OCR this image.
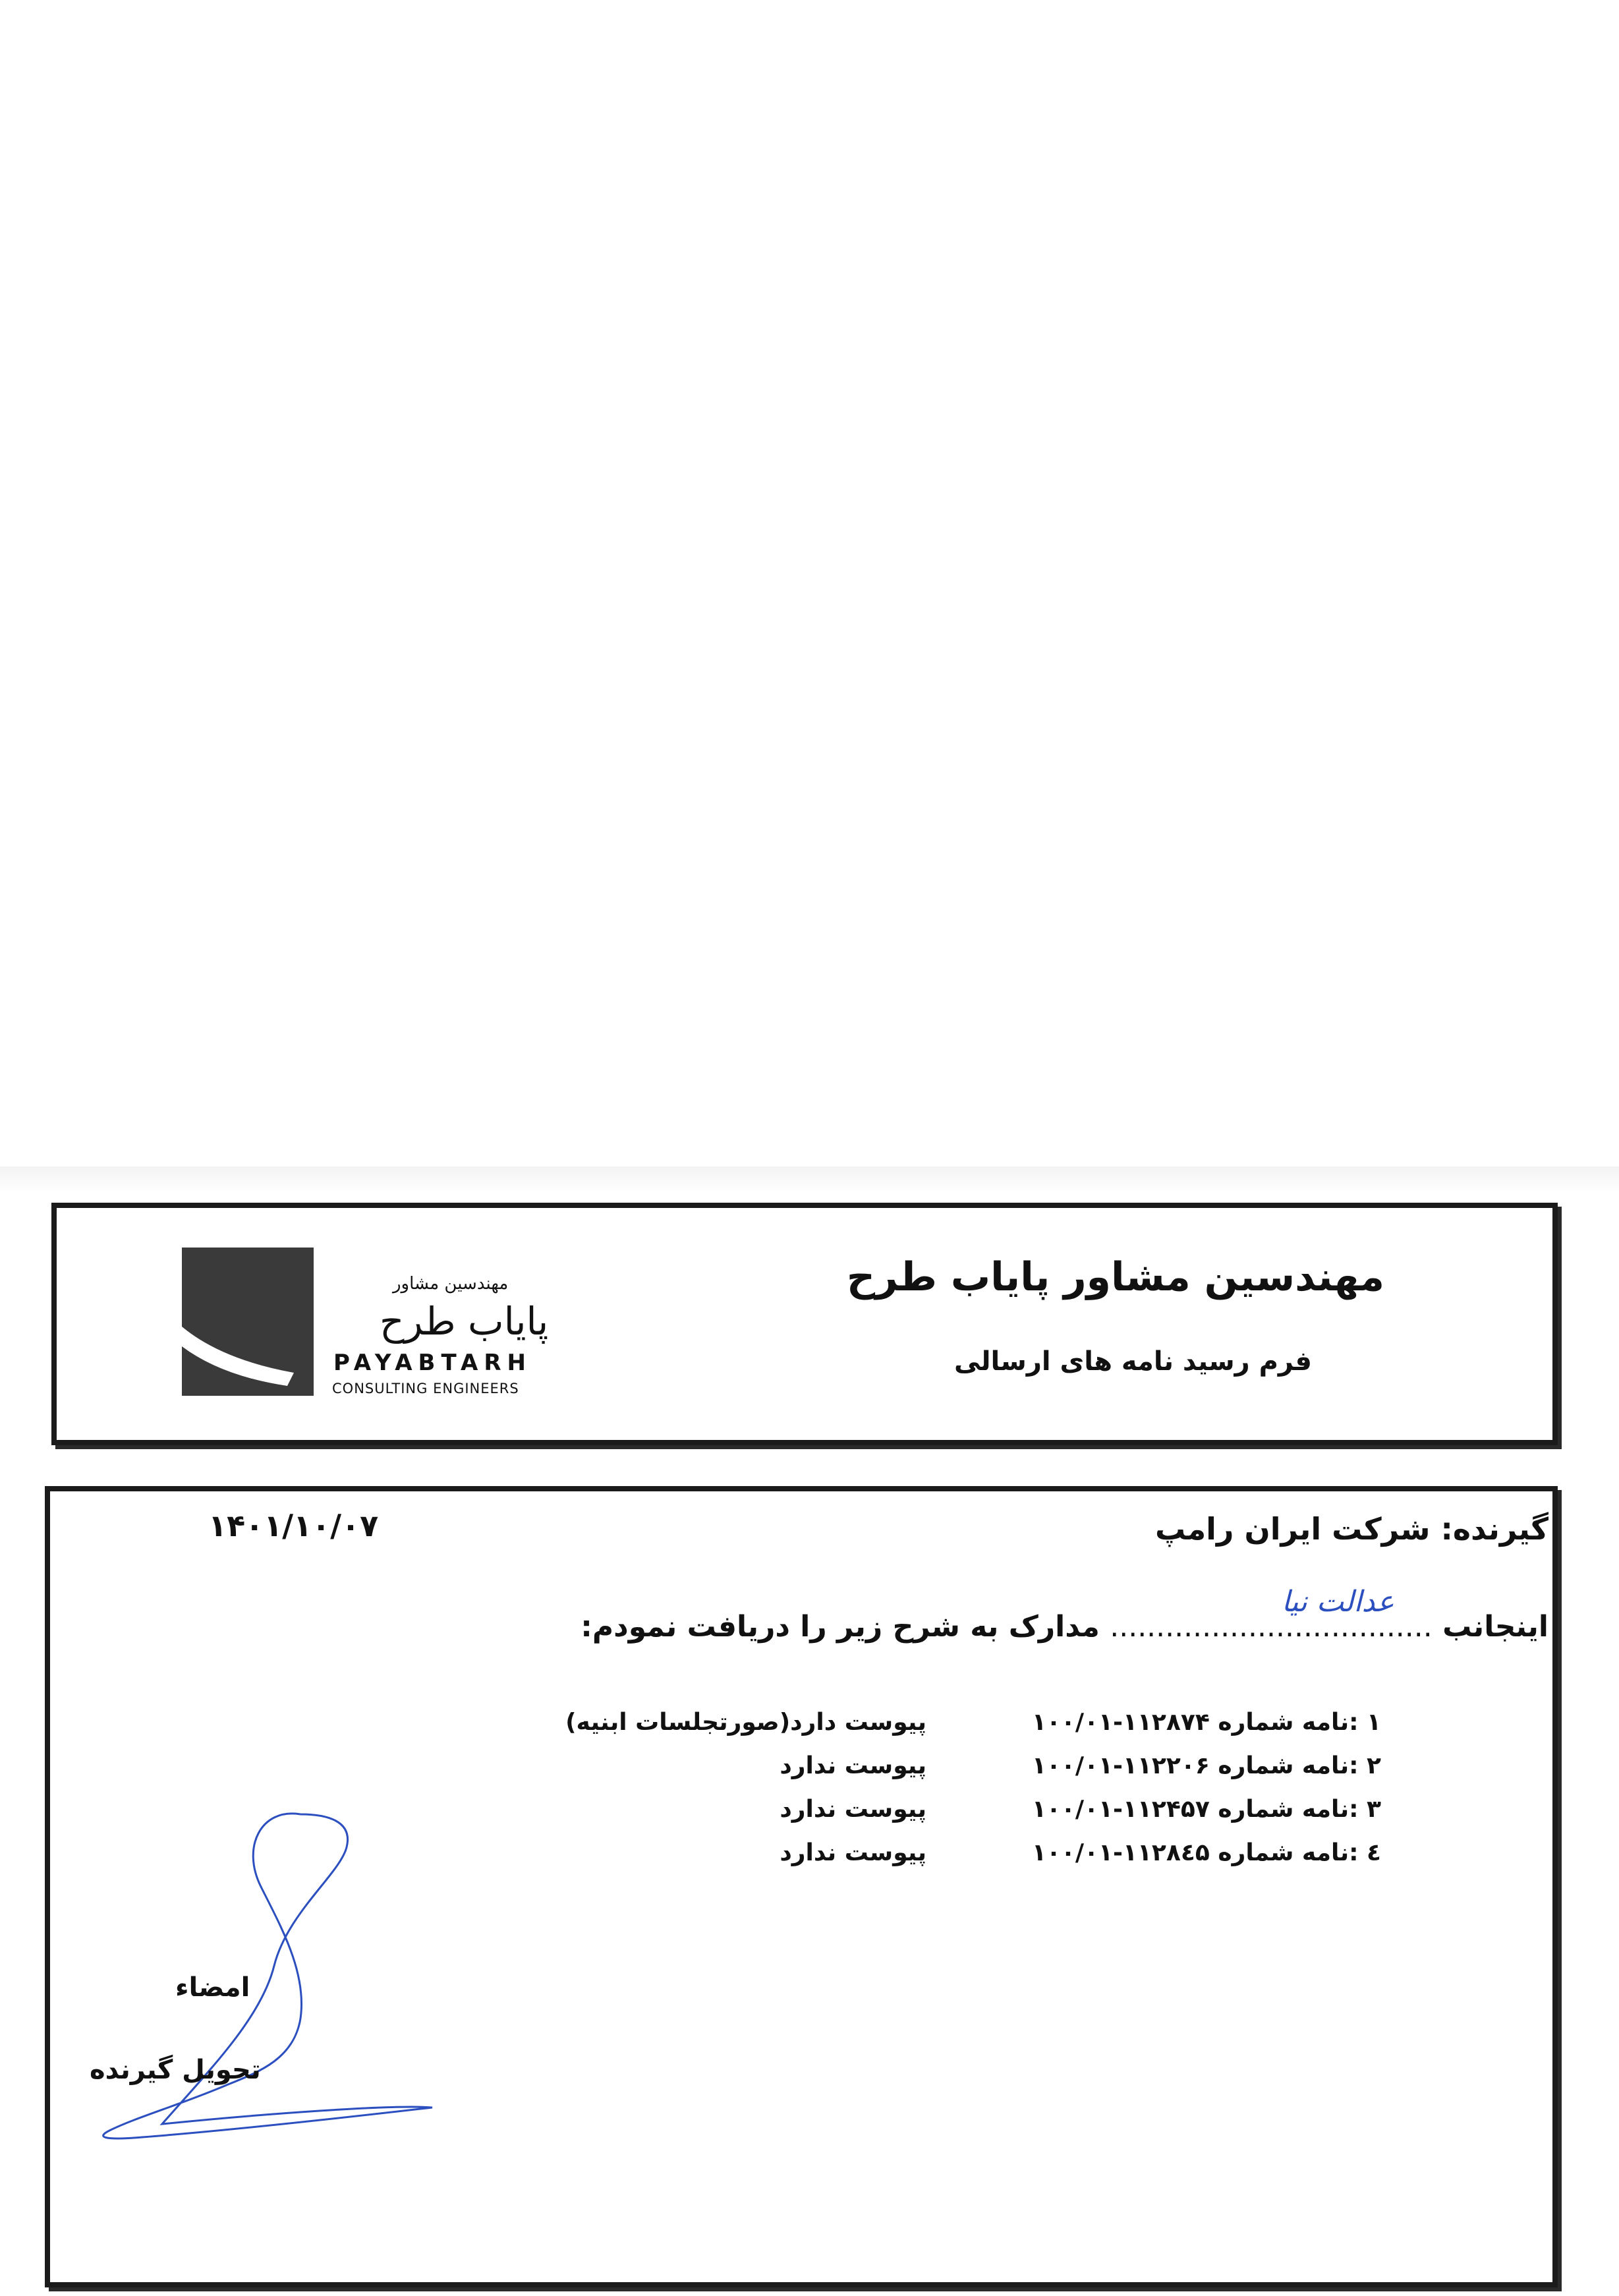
مهندسین مشاور
پایاب طرح
PAYABTARH
CONSULTING ENGINEERS
مهندسین مشاور پایاب طرح
فرم رسید نامه های ارسالی
گیرنده: شرکت ایران رامپ
۱۴۰۱/۱۰/۰۷
عدالت نیا
اینجانب ................................... مدارک به شرح زیر را دریافت نمودم:
۱ :نامه شماره ۱۱۲۸۷۴-۱۰۰/۰۱
پیوست دارد(صورتجلسات ابنیه)
۲ :نامه شماره ۱۱۲۲۰۶-۱۰۰/۰۱
پیوست ندارد
۳ :نامه شماره ۱۱۲۴۵۷-۱۰۰/۰۱
پیوست ندارد
٤ :نامه شماره ۱۱۲۸٤۵-۱۰۰/۰۱
پیوست ندارد
امضاء
تحویل گیرنده
